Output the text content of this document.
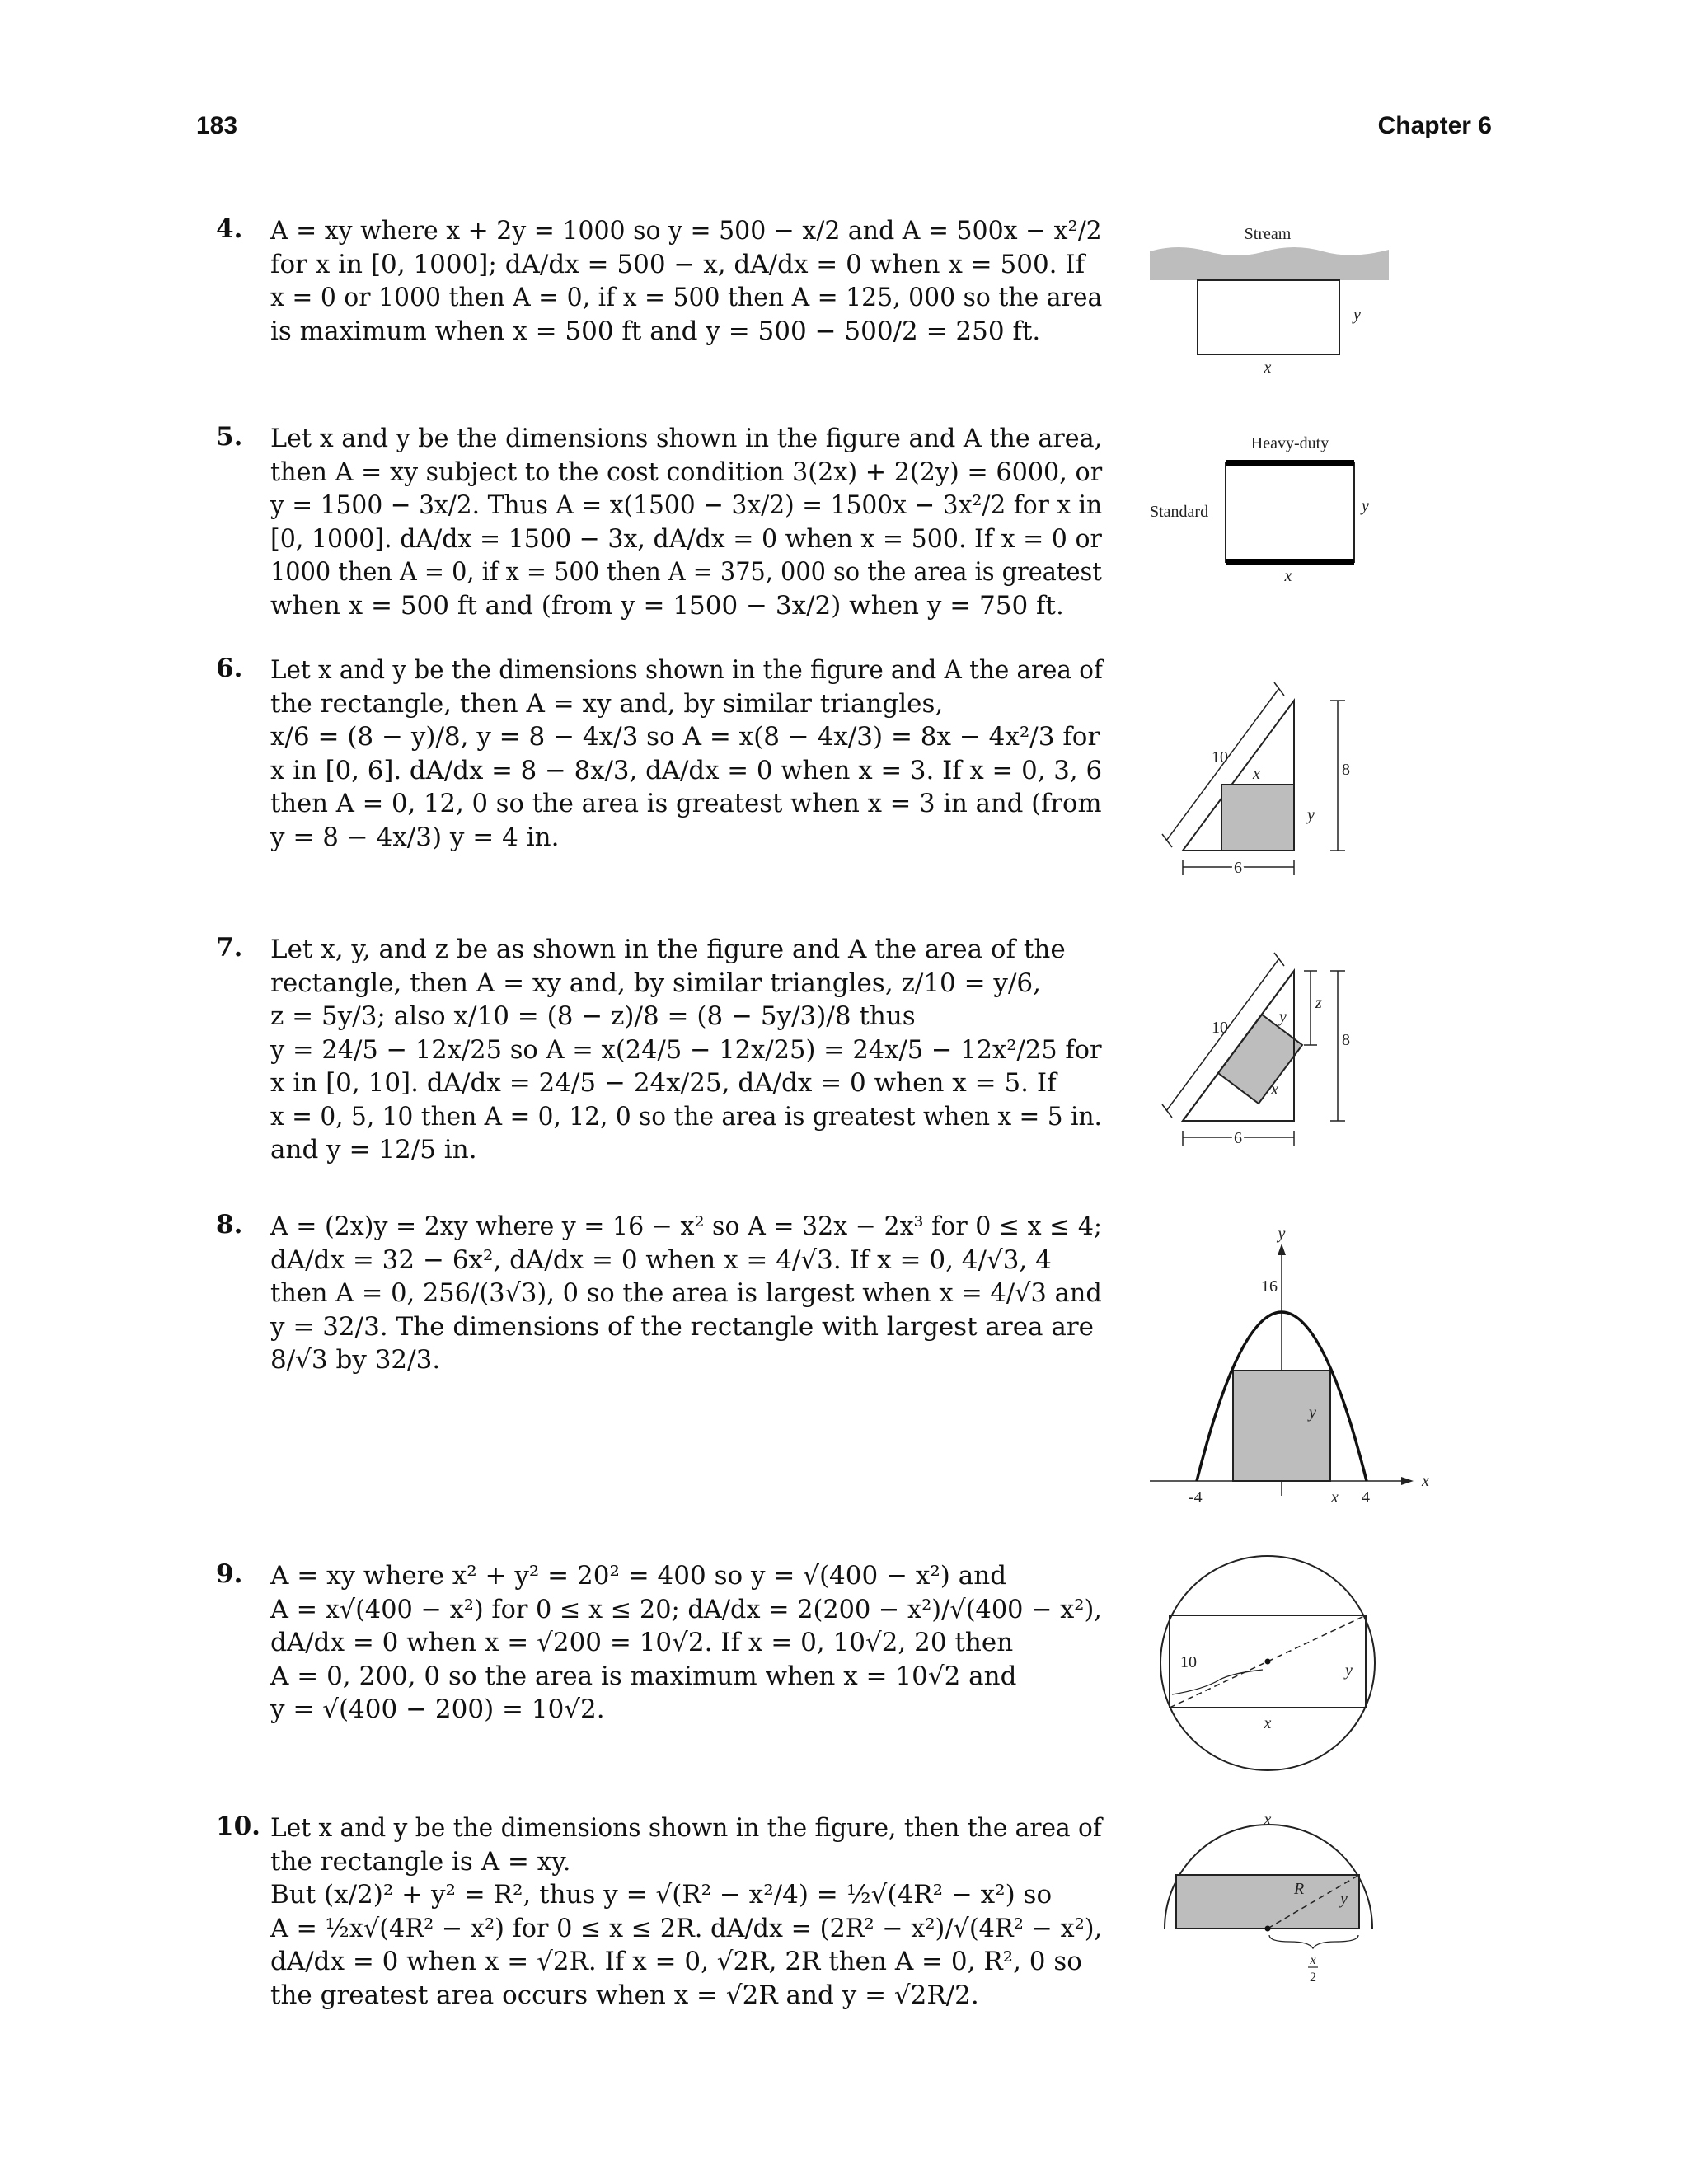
183	Chapter 6
4. A = xy where x + 2y = 1000 so y = 500 − x/2 and A = 500x − x²/2
for x in [0, 1000]; dA/dx = 500 − x, dA/dx = 0 when x = 500. If
x = 0 or 1000 then A = 0, if x = 500 then A = 125, 000 so the area
is maximum when x = 500 ft and y = 500 − 500/2 = 250 ft.
5. Let x and y be the dimensions shown in the figure and A the area,
then A = xy subject to the cost condition 3(2x) + 2(2y) = 6000, or
y = 1500 − 3x/2. Thus A = x(1500 − 3x/2) = 1500x − 3x²/2 for x in
[0, 1000]. dA/dx = 1500 − 3x, dA/dx = 0 when x = 500. If x = 0 or
1000 then A = 0, if x = 500 then A = 375, 000 so the area is greatest
when x = 500 ft and (from y = 1500 − 3x/2) when y = 750 ft.
6. Let x and y be the dimensions shown in the figure and A the area of
the rectangle, then A = xy and, by similar triangles,
x/6 = (8 − y)/8, y = 8 − 4x/3 so A = x(8 − 4x/3) = 8x − 4x²/3 for
x in [0, 6]. dA/dx = 8 − 8x/3, dA/dx = 0 when x = 3. If x = 0, 3, 6
then A = 0, 12, 0 so the area is greatest when x = 3 in and (from
y = 8 − 4x/3) y = 4 in.
7. Let x, y, and z be as shown in the figure and A the area of the
rectangle, then A = xy and, by similar triangles, z/10 = y/6,
z = 5y/3; also x/10 = (8 − z)/8 = (8 − 5y/3)/8 thus
y = 24/5 − 12x/25 so A = x(24/5 − 12x/25) = 24x/5 − 12x²/25 for
x in [0, 10]. dA/dx = 24/5 − 24x/25, dA/dx = 0 when x = 5. If
x = 0, 5, 10 then A = 0, 12, 0 so the area is greatest when x = 5 in.
and y = 12/5 in.
8. A = (2x)y = 2xy where y = 16 − x² so A = 32x − 2x³ for 0 ≤ x ≤ 4;
dA/dx = 32 − 6x², dA/dx = 0 when x = 4/√3. If x = 0, 4/√3, 4
then A = 0, 256/(3√3), 0 so the area is largest when x = 4/√3 and
y = 32/3. The dimensions of the rectangle with largest area are
8/√3 by 32/3.
9. A = xy where x² + y² = 20² = 400 so y = √(400 − x²) and
A = x√(400 − x²) for 0 ≤ x ≤ 20; dA/dx = 2(200 − x²)/√(400 − x²),
dA/dx = 0 when x = √200 = 10√2. If x = 0, 10√2, 20 then
A = 0, 200, 0 so the area is maximum when x = 10√2 and
y = √(400 − 200) = 10√2.
10. Let x and y be the dimensions shown in the figure, then the area of
the rectangle is A = xy.
But (x/2)² + y² = R², thus y = √(R² − x²/4) = ½√(4R² − x²) so
A = ½x√(4R² − x²) for 0 ≤ x ≤ 2R. dA/dx = (2R² − x²)/√(4R² − x²),
dA/dx = 0 when x = √2R. If x = 0, √2R, 2R then A = 0, R², 0 so
the greatest area occurs when x = √2R and y = √2R/2.
Stream
x
y
Heavy-duty
Standard	y
x
10
x
y
8
6
10
y
x
z
8
6
y
x
16
y
-4	x 4
10	y
x
x
R
y
x
2
